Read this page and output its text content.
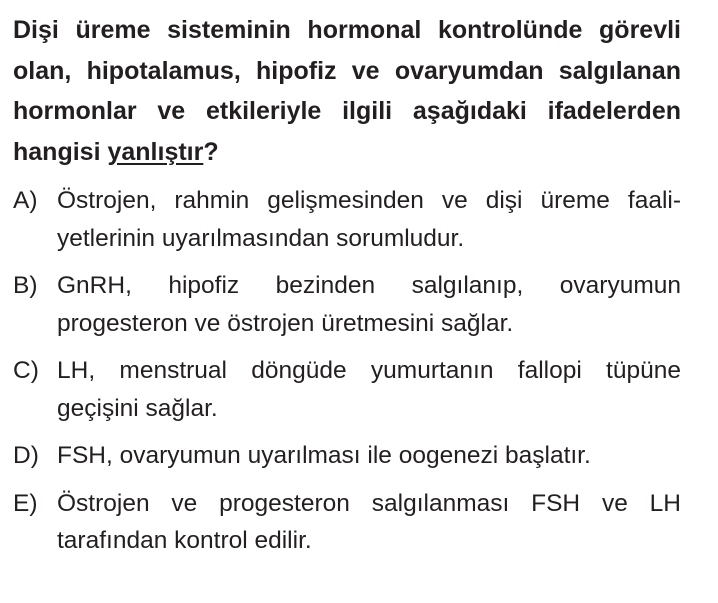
Dişi üreme sisteminin hormonal kontrolünde görevli olan, hipotalamus, hipofiz ve ovaryumdan salgılanan hormonlar ve etkileriyle ilgili aşağıdaki ifadelerden hangisi yanlıştır?

A) Östrojen, rahmin gelişmesinden ve dişi üreme faali-yetlerinin uyarılmasından sorumludur.
B) GnRH, hipofiz bezinden salgılanıp, ovaryumun progesteron ve östrojen üretmesini sağlar.
C) LH, menstrual döngüde yumurtanın fallopi tüpüne geçişini sağlar.
D) FSH, ovaryumun uyarılması ile oogenezi başlatır.
E) Östrojen ve progesteron salgılanması FSH ve LH tarafından kontrol edilir.
